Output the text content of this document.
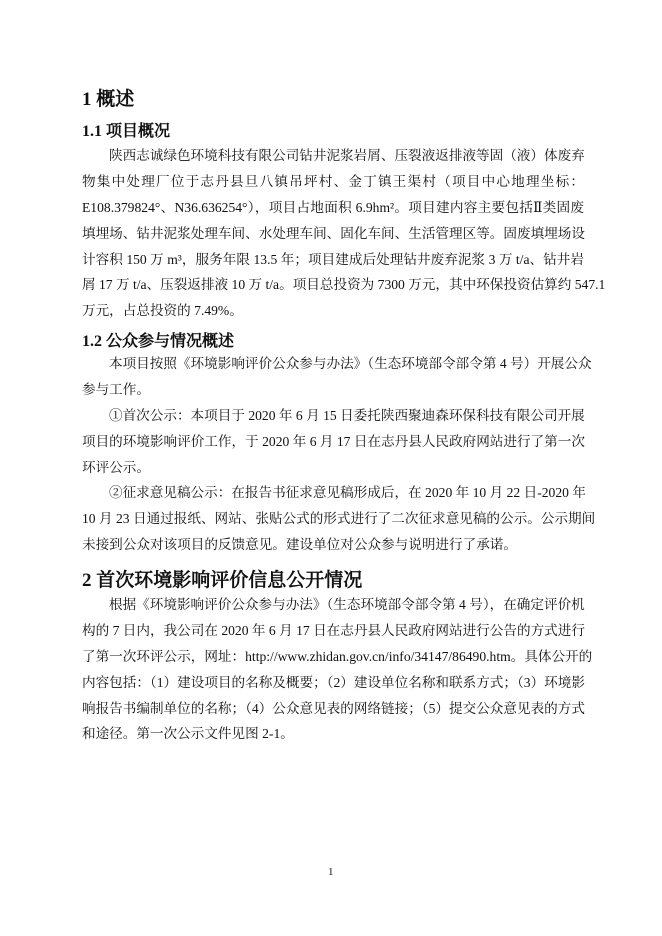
1 概述
1.1 项目概况
陕西志诚绿色环境科技有限公司钻井泥浆岩屑、压裂液返排液等固（液）体废弃
物集中处理厂位于志丹县旦八镇吊坪村、金丁镇王渠村（项目中心地理坐标：
E108.379824°、N36.636254°），项目占地面积 6.9hm²。项目建内容主要包括Ⅱ类固废
填埋场、钻井泥浆处理车间、水处理车间、固化车间、生活管理区等。固废填埋场设
计容积 150 万 m³，服务年限 13.5 年；项目建成后处理钻井废弃泥浆 3 万 t/a、钻井岩
屑 17 万 t/a、压裂返排液 10 万 t/a。项目总投资为 7300 万元，其中环保投资估算约 547.1
万元，占总投资的 7.49%。
1.2 公众参与情况概述
本项目按照《环境影响评价公众参与办法》（生态环境部令部令第 4 号）开展公众
参与工作。
①首次公示：本项目于 2020 年 6 月 15 日委托陕西聚迪森环保科技有限公司开展
项目的环境影响评价工作，于 2020 年 6 月 17 日在志丹县人民政府网站进行了第一次
环评公示。
②征求意见稿公示：在报告书征求意见稿形成后，在 2020 年 10 月 22 日-2020 年
10 月 23 日通过报纸、网站、张贴公式的形式进行了二次征求意见稿的公示。公示期间
未接到公众对该项目的反馈意见。建设单位对公众参与说明进行了承诺。
2 首次环境影响评价信息公开情况
根据《环境影响评价公众参与办法》（生态环境部令部令第 4 号），在确定评价机
构的 7 日内，我公司在 2020 年 6 月 17 日在志丹县人民政府网站进行公告的方式进行
了第一次环评公示，网址：http://www.zhidan.gov.cn/info/34147/86490.htm。具体公开的
内容包括：（1）建设项目的名称及概要；（2）建设单位名称和联系方式；（3）环境影
响报告书编制单位的名称；（4）公众意见表的网络链接；（5）提交公众意见表的方式
和途径。第一次公示文件见图 2-1。
1
